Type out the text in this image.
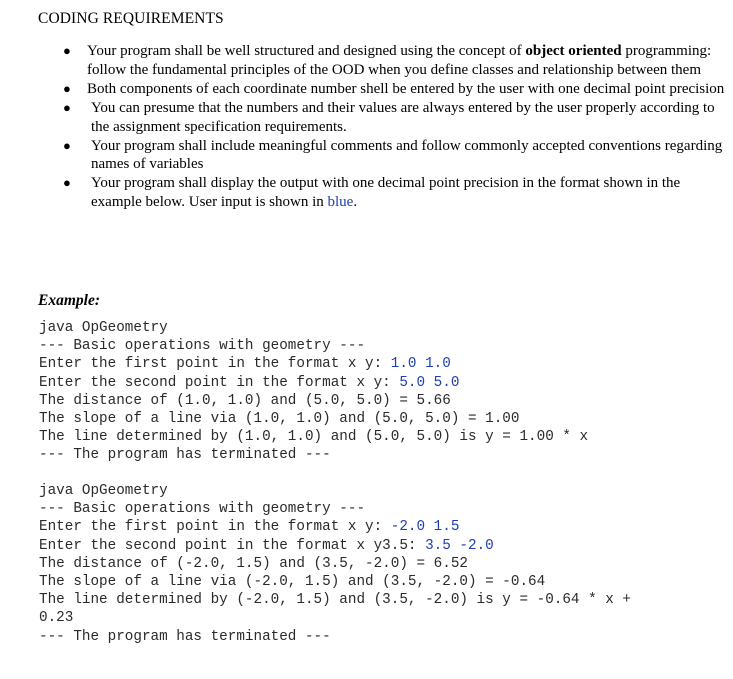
CODING REQUIREMENTS
● Your program shall be well structured and designed using the concept of object oriented programming: follow the fundamental principles of the OOD when you define classes and relationship between them
● Both components of each coordinate number shell be entered by the user with one decimal point precision
● You can presume that the numbers and their values are always entered by the user properly according to the assignment specification requirements.
● Your program shall include meaningful comments and follow commonly accepted conventions regarding names of variables
● Your program shall display the output with one decimal point precision in the format shown in the example below. User input is shown in blue.
Example:
java OpGeometry
--- Basic operations with geometry ---
Enter the first point in the format x y: 1.0 1.0
Enter the second point in the format x y: 5.0 5.0
The distance of (1.0, 1.0) and (5.0, 5.0) = 5.66
The slope of a line via (1.0, 1.0) and (5.0, 5.0) = 1.00
The line determined by (1.0, 1.0) and (5.0, 5.0) is y = 1.00 * x
--- The program has terminated ---
java OpGeometry
--- Basic operations with geometry ---
Enter the first point in the format x y: -2.0 1.5
Enter the second point in the format x y3.5: 3.5 -2.0
The distance of (-2.0, 1.5) and (3.5, -2.0) = 6.52
The slope of a line via (-2.0, 1.5) and (3.5, -2.0) = -0.64
The line determined by (-2.0, 1.5) and (3.5, -2.0) is y = -0.64 * x +
0.23
--- The program has terminated ---
